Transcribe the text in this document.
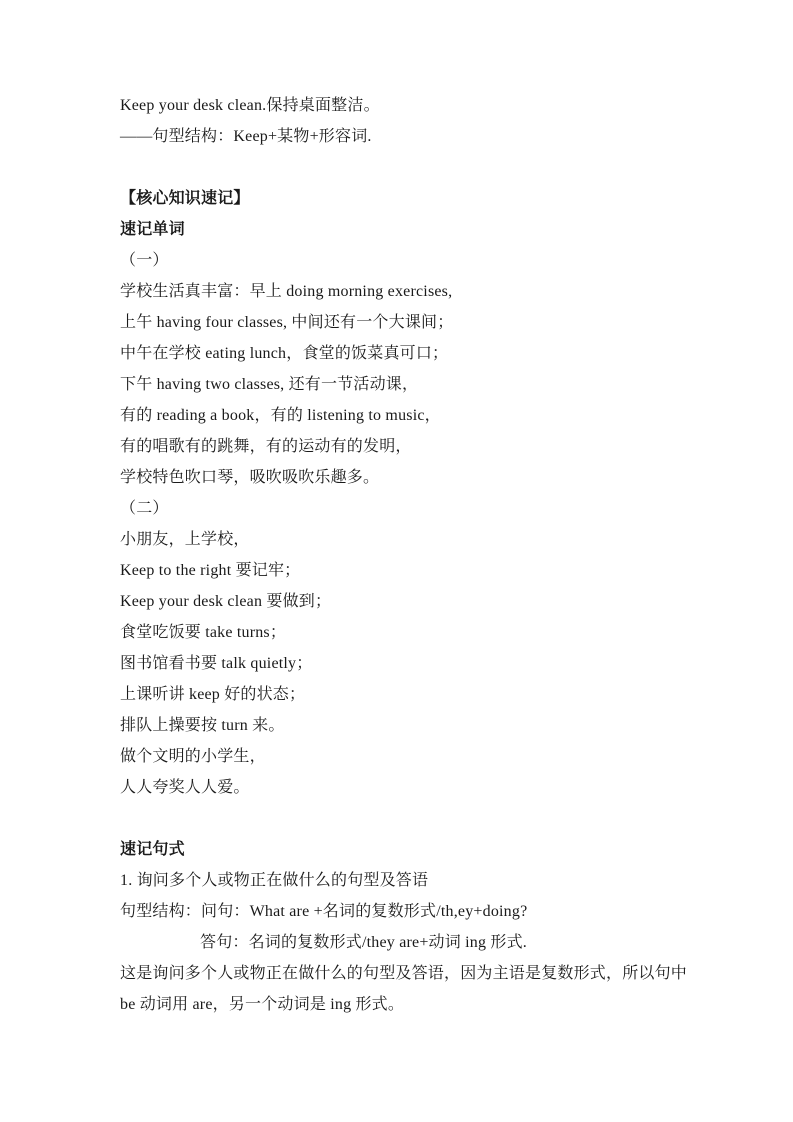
Keep your desk clean.保持桌面整洁。

——句型结构：Keep+某物+形容词.

【核心知识速记】

速记单词

（一）

学校生活真丰富：早上 doing morning exercises,

上午 having four classes, 中间还有一个大课间；

中午在学校 eating lunch，食堂的饭菜真可口；

下午 having two classes, 还有一节活动课，

有的 reading a book，有的 listening to music，

有的唱歌有的跳舞，有的运动有的发明，

学校特色吹口琴，吸吹吸吹乐趣多。

（二）

小朋友，上学校，

Keep to the right 要记牢；

Keep your desk clean 要做到；

食堂吃饭要 take turns；

图书馆看书要 talk quietly；

上课听讲 keep 好的状态；

排队上操要按 turn 来。

做个文明的小学生，

人人夸奖人人爱。

速记句式

1. 询问多个人或物正在做什么的句型及答语

句型结构：问句：What are +名词的复数形式/th,ey+doing?

答句：名词的复数形式/they are+动词 ing 形式.

这是询问多个人或物正在做什么的句型及答语，因为主语是复数形式，所以句中

be 动词用 are，另一个动词是 ing 形式。
